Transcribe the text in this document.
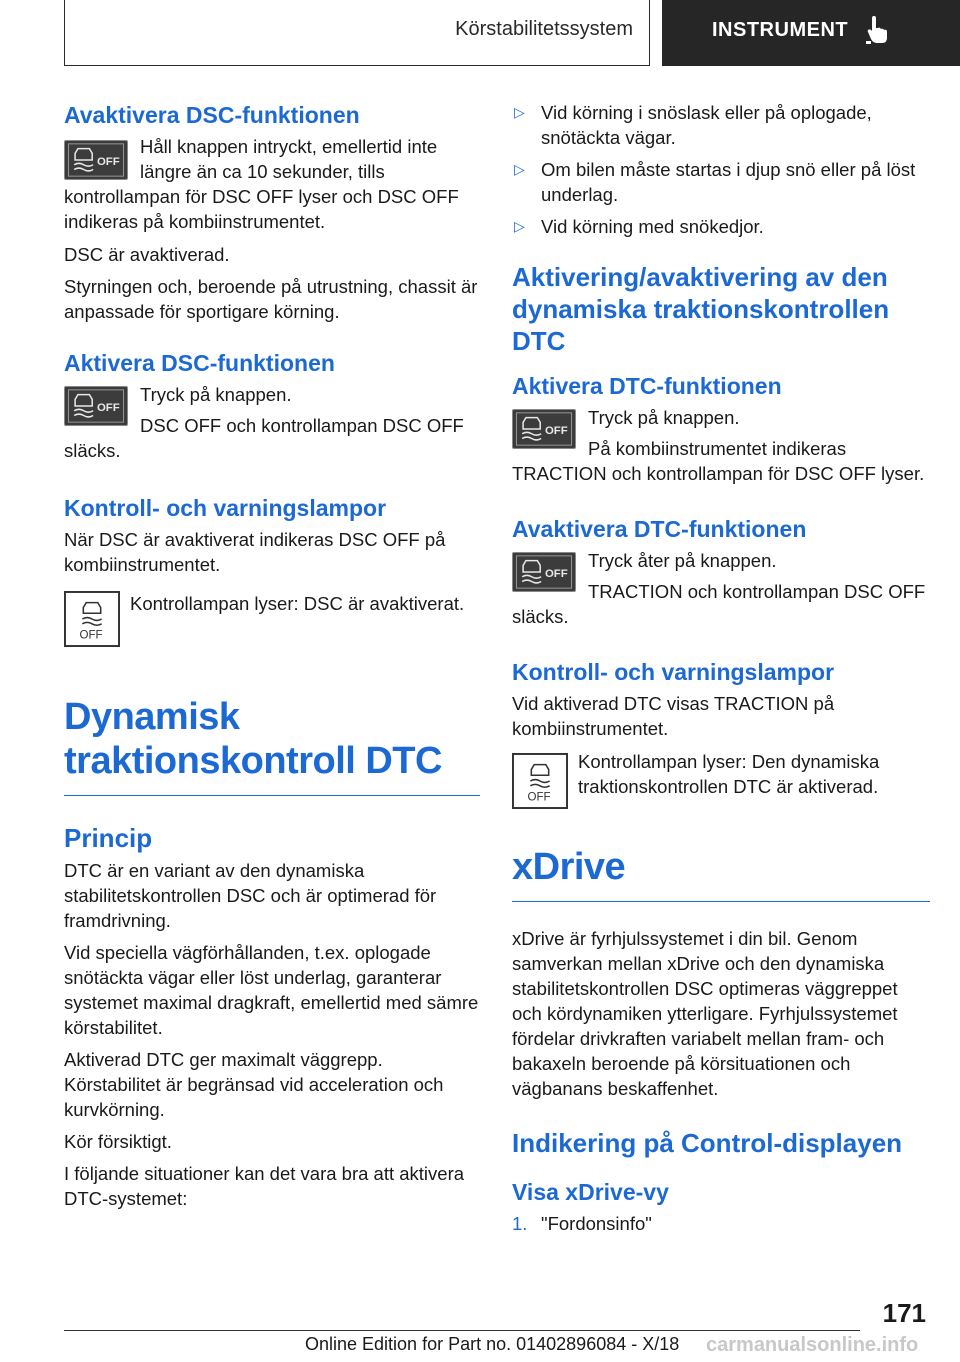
Körstabilitetssystem	INSTRUMENT
Avaktivera DSC-funktionen
OFF

Håll knappen intryckt, emellertid inte längre än ca 10 sekunder, tills kontrollampan för DSC OFF lyser och DSC OFF indikeras på kombiinstrumentet.

DSC är avaktiverad.

Styrningen och, beroende på utrustning, chassit är anpassade för sportigare körning.

Aktivera DSC-funktionen
OFF

Tryck på knappen.

DSC OFF och kontrollampan DSC OFF släcks.

Kontroll- och varningslampor

När DSC är avaktiverat indikeras DSC OFF på kombiinstrumentet.

OFF

Kontrollampan lyser: DSC är avaktiverat.

Dynamisk traktionskontroll DTC
Princip

DTC är en variant av den dynamiska stabilitetskontrollen DSC och är optimerad för framdrivning.

Vid speciella vägförhållanden, t.ex. oplogade snötäckta vägar eller löst underlag, garanterar systemet maximal dragkraft, emellertid med sämre körstabilitet.

Aktiverad DTC ger maximalt väggrepp. Körstabilitet är begränsad vid acceleration och kurvkörning.

Kör försiktigt.

I följande situationer kan det vara bra att aktivera DTC-systemet:

▷ Vid körning i snöslask eller på oplogade, snötäckta vägar.
▷ Om bilen måste startas i djup snö eller på löst underlag.
▷ Vid körning med snökedjor.
Aktivering/avaktivering av den dynamiska traktionskontrollen DTC
Aktivera DTC-funktionen
OFF

Tryck på knappen.

På kombiinstrumentet indikeras TRACTION och kontrollampan för DSC OFF lyser.

Avaktivera DTC-funktionen
OFF

Tryck åter på knappen.

TRACTION och kontrollampan DSC OFF släcks.

Kontroll- och varningslampor

Vid aktiverad DTC visas TRACTION på kombiinstrumentet.

OFF

Kontrollampan lyser: Den dynamiska traktionskontrollen DTC är aktiverad.

xDrive

xDrive är fyrhjulssystemet i din bil. Genom samverkan mellan xDrive och den dynamiska stabilitetskontrollen DSC optimeras väggreppet och kördynamiken ytterligare. Fyrhjulssystemet fördelar drivkraften variabelt mellan fram- och bakaxeln beroende på körsituationen och vägbanans beskaffenhet.

Indikering på Control-displayen
Visa xDrive-vy
1. "Fordonsinfo"
171
Online Edition for Part no. 01402896084 - X/18 carmanualsonline.info
